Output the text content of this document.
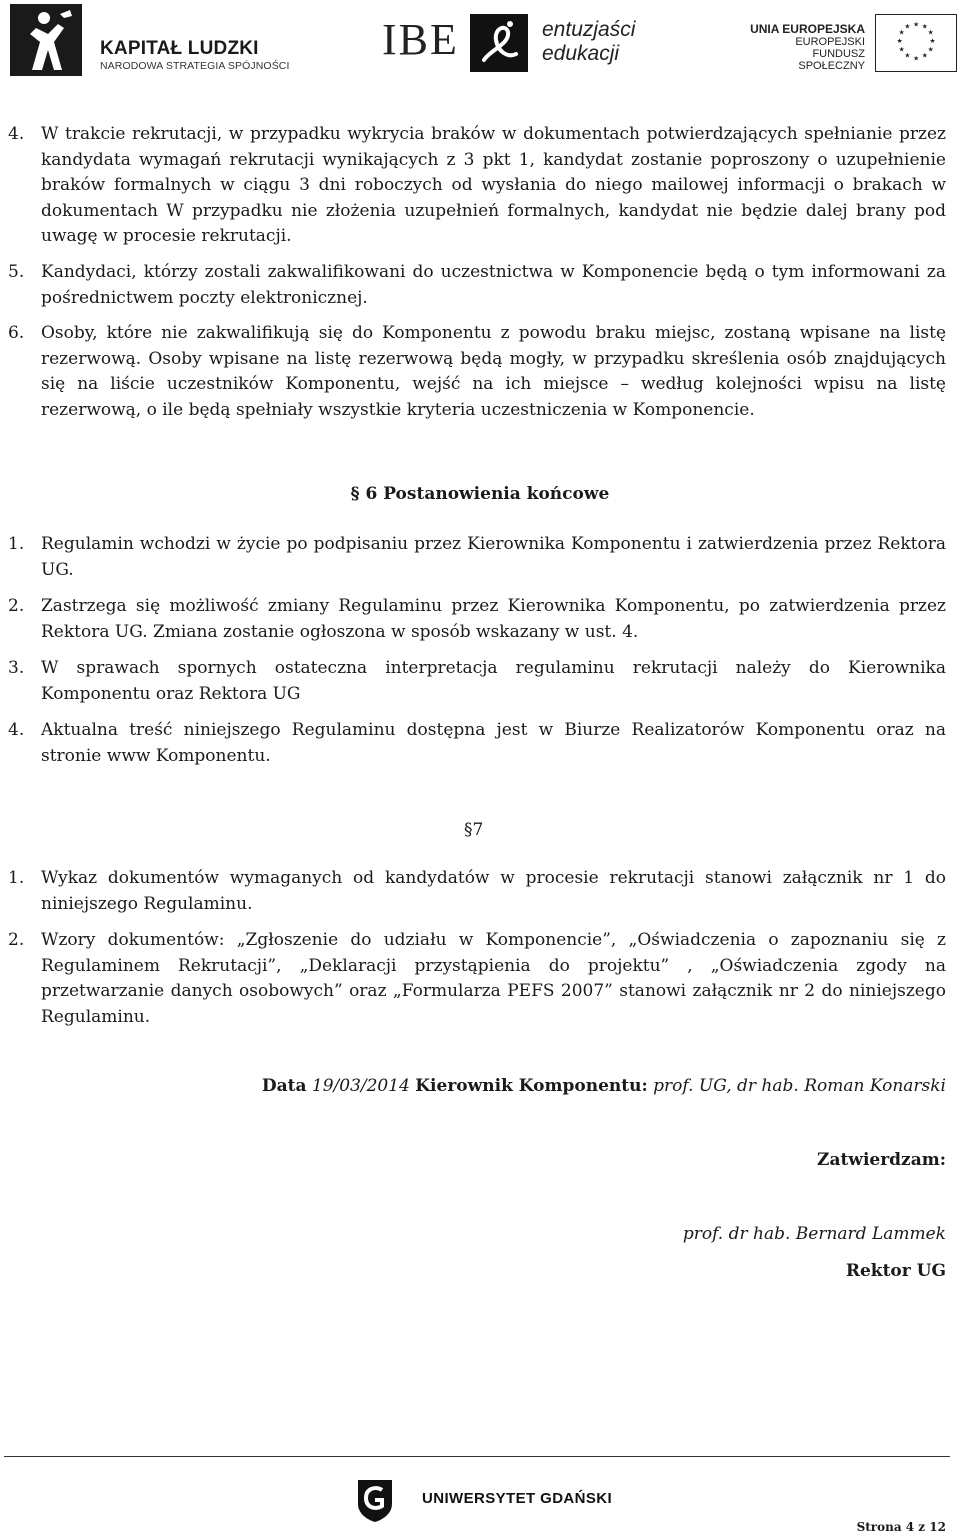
KAPITAŁ LUDZKI
NARODOWA STRATEGIA SPÓJNOŚCI
IBE	entuzjaści
edukacji
UNIA EUROPEJSKA
EUROPEJSKI
FUNDUSZ SPOŁECZNY
★ ★
★
★
★
★
★
★
★
★
★
★
4. W trakcie rekrutacji, w przypadku wykrycia braków w dokumentach potwierdzających spełnianie przez kandydata wymagań rekrutacji wynikających z 3 pkt 1, kandydat zostanie poproszony o uzupełnienie braków formalnych w ciągu 3 dni roboczych od wysłania do niego mailowej informacji o brakach w dokumentach W przypadku nie złożenia uzupełnień formalnych, kandydat nie będzie dalej brany pod uwagę w procesie rekrutacji.
5. Kandydaci, którzy zostali zakwalifikowani do uczestnictwa w Komponencie będą o tym informowani za pośrednictwem poczty elektronicznej.
6. Osoby, które nie zakwalifikują się do Komponentu z powodu braku miejsc, zostaną wpisane na listę rezerwową. Osoby wpisane na listę rezerwową będą mogły, w przypadku skreślenia osób znajdujących się na liście uczestników Komponentu, wejść na ich miejsce – według kolejności wpisu na listę rezerwową, o ile będą spełniały wszystkie kryteria uczestniczenia w Komponencie.
§ 6 Postanowienia końcowe
1. Regulamin wchodzi w życie po podpisaniu przez Kierownika Komponentu i zatwierdzenia przez Rektora UG.
2. Zastrzega się możliwość zmiany Regulaminu przez Kierownika Komponentu, po zatwierdzenia przez Rektora UG. Zmiana zostanie ogłoszona w sposób wskazany w ust. 4.
3. W sprawach spornych ostateczna interpretacja regulaminu rekrutacji należy do Kierownika Komponentu oraz Rektora UG
4. Aktualna treść niniejszego Regulaminu dostępna jest w Biurze Realizatorów Komponentu oraz na stronie www Komponentu.
§7
1. Wykaz dokumentów wymaganych od kandydatów w procesie rekrutacji stanowi załącznik nr 1 do niniejszego Regulaminu.
2. Wzory dokumentów: „Zgłoszenie do udziału w Komponencie”, „Oświadczenia o zapoznaniu się z Regulaminem Rekrutacji”, „Deklaracji przystąpienia do projektu” , „Oświadczenia zgody na przetwarzanie danych osobowych” oraz „Formularza PEFS 2007” stanowi załącznik nr 2 do niniejszego Regulaminu.
Data 19/03/2014 Kierownik Komponentu: prof. UG, dr hab. Roman Konarski
Zatwierdzam:
prof. dr hab. Bernard Lammek
Rektor UG
UNIWERSYTET GDAŃSKI
Strona 4 z 12
